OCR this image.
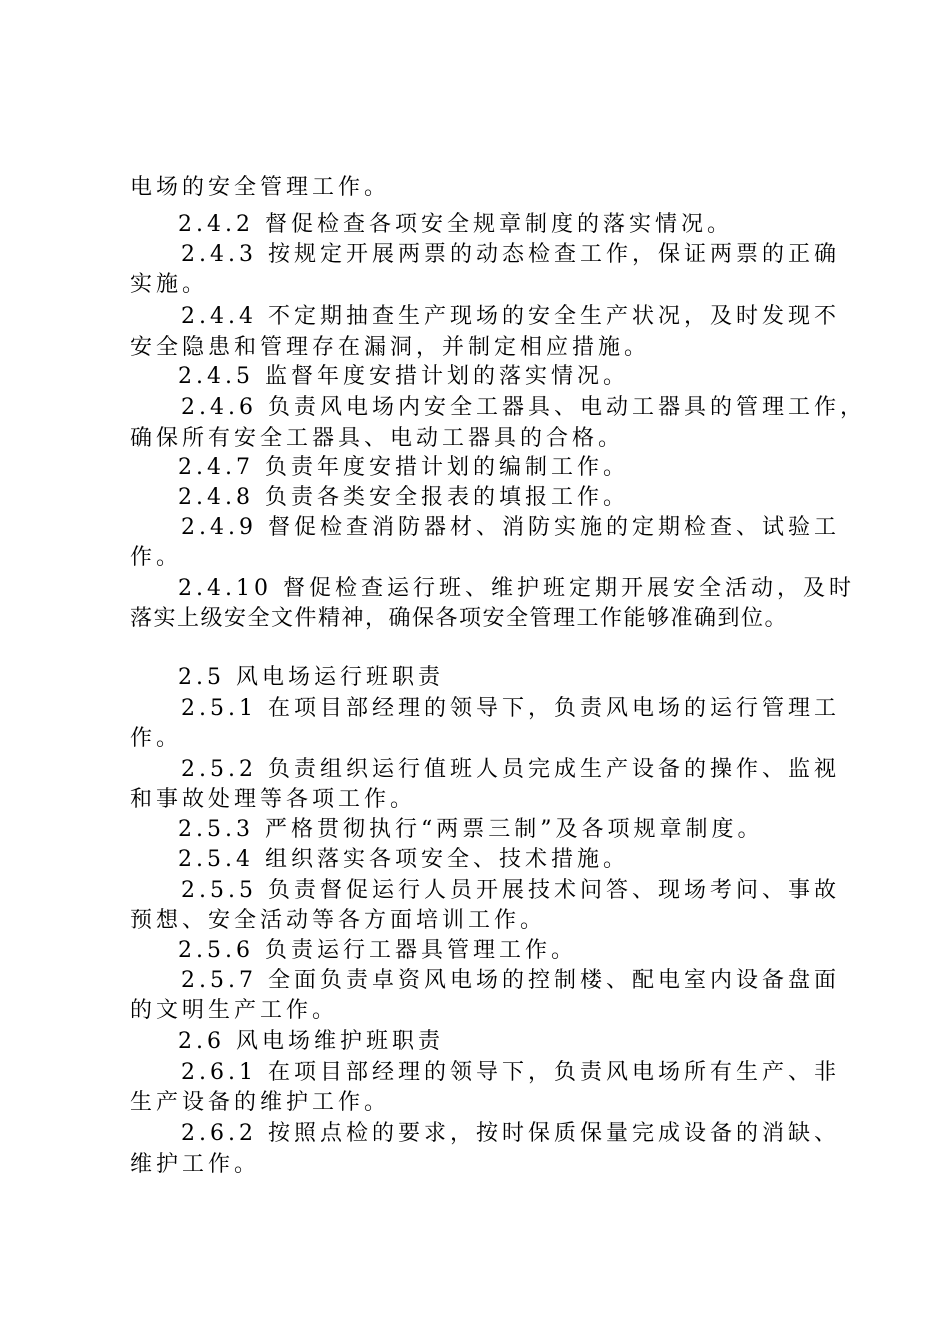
电场的安全管理工作。
2.4.2 督促检查各项安全规章制度的落实情况。
2.4.3 按规定开展两票的动态检查工作，保证两票的正确
实施。
2.4.4 不定期抽查生产现场的安全生产状况，及时发现不
安全隐患和管理存在漏洞，并制定相应措施。
2.4.5 监督年度安措计划的落实情况。
2.4.6 负责风电场内安全工器具、电动工器具的管理工作，
确保所有安全工器具、电动工器具的合格。
2.4.7 负责年度安措计划的编制工作。
2.4.8 负责各类安全报表的填报工作。
2.4.9 督促检查消防器材、消防实施的定期检查、试验工
作。
2.4.10 督促检查运行班、维护班定期开展安全活动，及时
落实上级安全文件精神，确保各项安全管理工作能够准确到位。
2.5 风电场运行班职责
2.5.1 在项目部经理的领导下，负责风电场的运行管理工
作。
2.5.2 负责组织运行值班人员完成生产设备的操作、监视
和事故处理等各项工作。
2.5.3 严格贯彻执行“两票三制”及各项规章制度。
2.5.4 组织落实各项安全、技术措施。
2.5.5 负责督促运行人员开展技术问答、现场考问、事故
预想、安全活动等各方面培训工作。
2.5.6 负责运行工器具管理工作。
2.5.7 全面负责卓资风电场的控制楼、配电室内设备盘面
的文明生产工作。
2.6 风电场维护班职责
2.6.1 在项目部经理的领导下，负责风电场所有生产、非
生产设备的维护工作。
2.6.2 按照点检的要求，按时保质保量完成设备的消缺、
维护工作。
